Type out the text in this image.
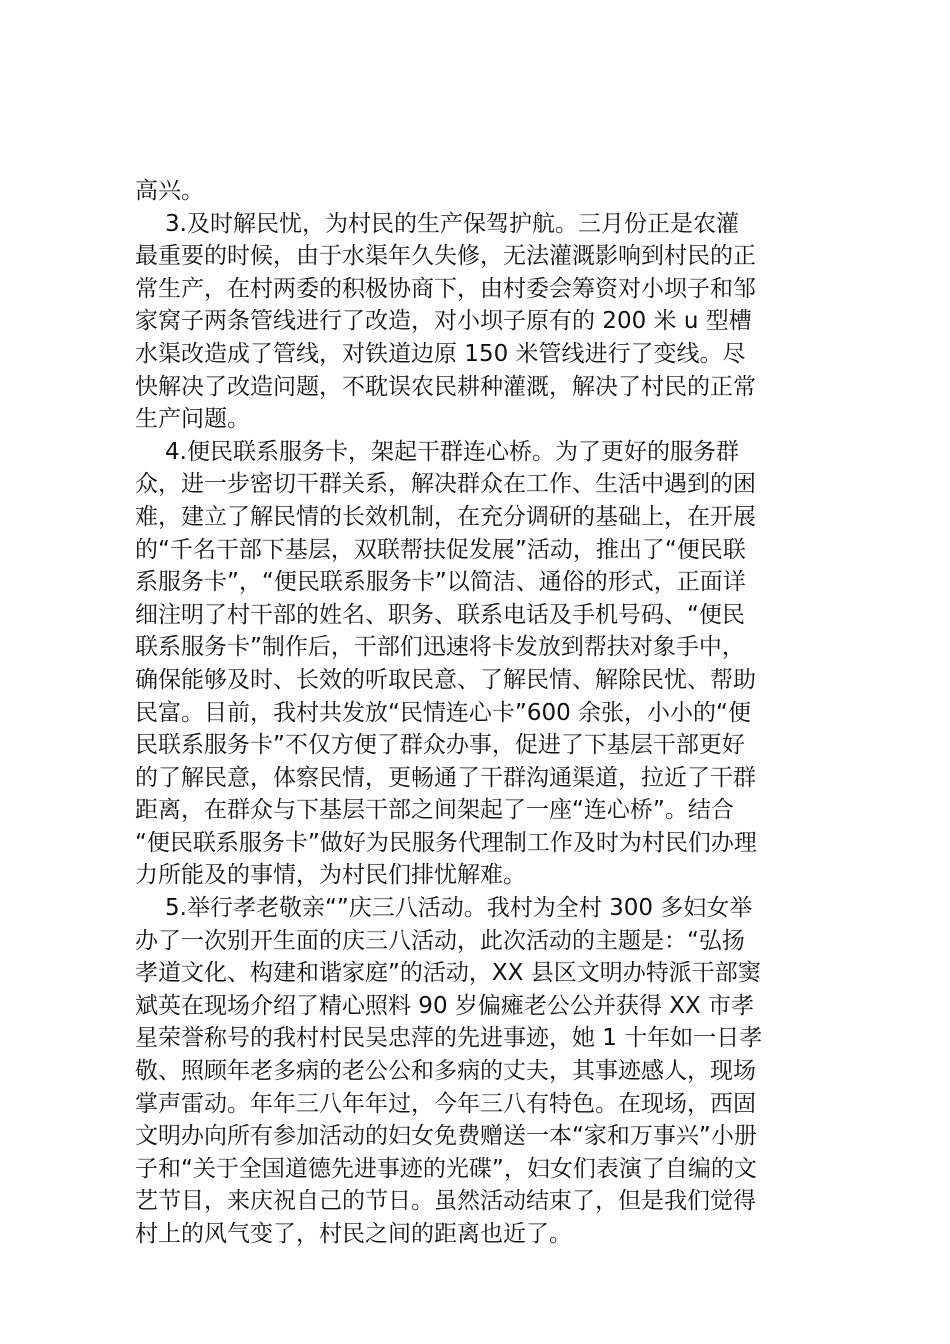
高兴。
3.及时解民忧，为村民的生产保驾护航。三月份正是农灌
最重要的时候，由于水渠年久失修，无法灌溉影响到村民的正
常生产，在村两委的积极协商下，由村委会筹资对小坝子和邹
家窝子两条管线进行了改造，对小坝子原有的 200 米 u 型槽
水渠改造成了管线，对铁道边原 150 米管线进行了变线。尽
快解决了改造问题，不耽误农民耕种灌溉，解决了村民的正常
生产问题。
4.便民联系服务卡，架起干群连心桥。为了更好的服务群
众，进一步密切干群关系，解决群众在工作、生活中遇到的困
难，建立了解民情的长效机制，在充分调研的基础上，在开展
的“千名干部下基层，双联帮扶促发展”活动，推出了“便民联
系服务卡”，“便民联系服务卡”以简洁、通俗的形式，正面详
细注明了村干部的姓名、职务、联系电话及手机号码、“便民
联系服务卡”制作后，干部们迅速将卡发放到帮扶对象手中，
确保能够及时、长效的听取民意、了解民情、解除民忧、帮助
民富。目前，我村共发放“民情连心卡”600 余张，小小的“便
民联系服务卡”不仅方便了群众办事，促进了下基层干部更好
的了解民意，体察民情，更畅通了干群沟通渠道，拉近了干群
距离，在群众与下基层干部之间架起了一座“连心桥”。结合
“便民联系服务卡”做好为民服务代理制工作及时为村民们办理
力所能及的事情，为村民们排忧解难。
5.举行孝老敬亲“”庆三八活动。我村为全村 300 多妇女举
办了一次别开生面的庆三八活动，此次活动的主题是：“弘扬
孝道文化、构建和谐家庭”的活动，XX 县区文明办特派干部窦
斌英在现场介绍了精心照料 90 岁偏瘫老公公并获得 XX 市孝
星荣誉称号的我村村民吴忠萍的先进事迹，她 1 十年如一日孝
敬、照顾年老多病的老公公和多病的丈夫，其事迹感人，现场
掌声雷动。年年三八年年过，今年三八有特色。在现场，西固
文明办向所有参加活动的妇女免费赠送一本“家和万事兴”小册
子和“关于全国道德先进事迹的光碟”，妇女们表演了自编的文
艺节目，来庆祝自己的节日。虽然活动结束了，但是我们觉得
村上的风气变了，村民之间的距离也近了。
